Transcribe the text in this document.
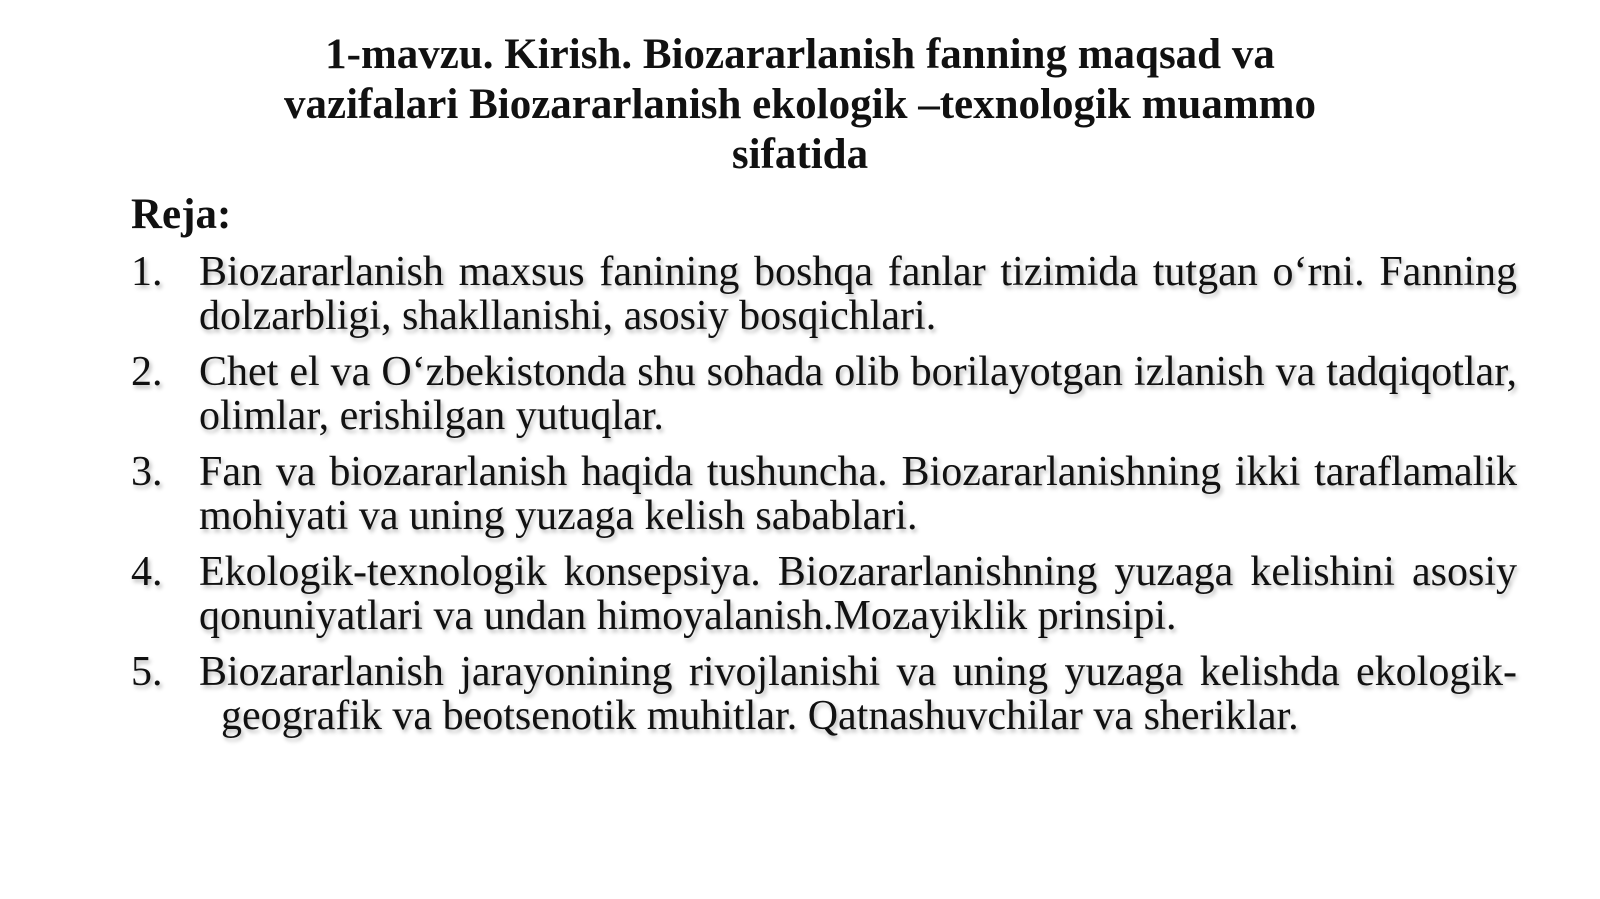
1-mavzu. Kirish. Biozararlanish fanning maqsad va
vazifalari Biozararlanish ekologik –texnologik muammo
sifatida
Reja:
1. Biozararlanish maxsus fanining boshqa fanlar tizimida tutgan o‘rni. Fanning dolzarbligi, shakllanishi, asosiy bosqichlari.
2. Chet el va O‘zbekistonda shu sohada olib borilayotgan izlanish va tadqiqotlar, olimlar, erishilgan yutuqlar.
3. Fan va biozararlanish haqida tushuncha. Biozararlanishning ikki taraflamalik mohiyati va uning yuzaga kelish sabablari.
4. Ekologik-texnologik konsepsiya. Biozararlanishning yuzaga kelishini asosiy qonuniyatlari va undan himoyalanish.Mozayiklik prinsipi.
5. Biozararlanish jarayonining rivojlanishi va uning yuzaga kelishda ekologik-geografik va beotsenotik muhitlar. Qatnashuvchilar va sheriklar.
